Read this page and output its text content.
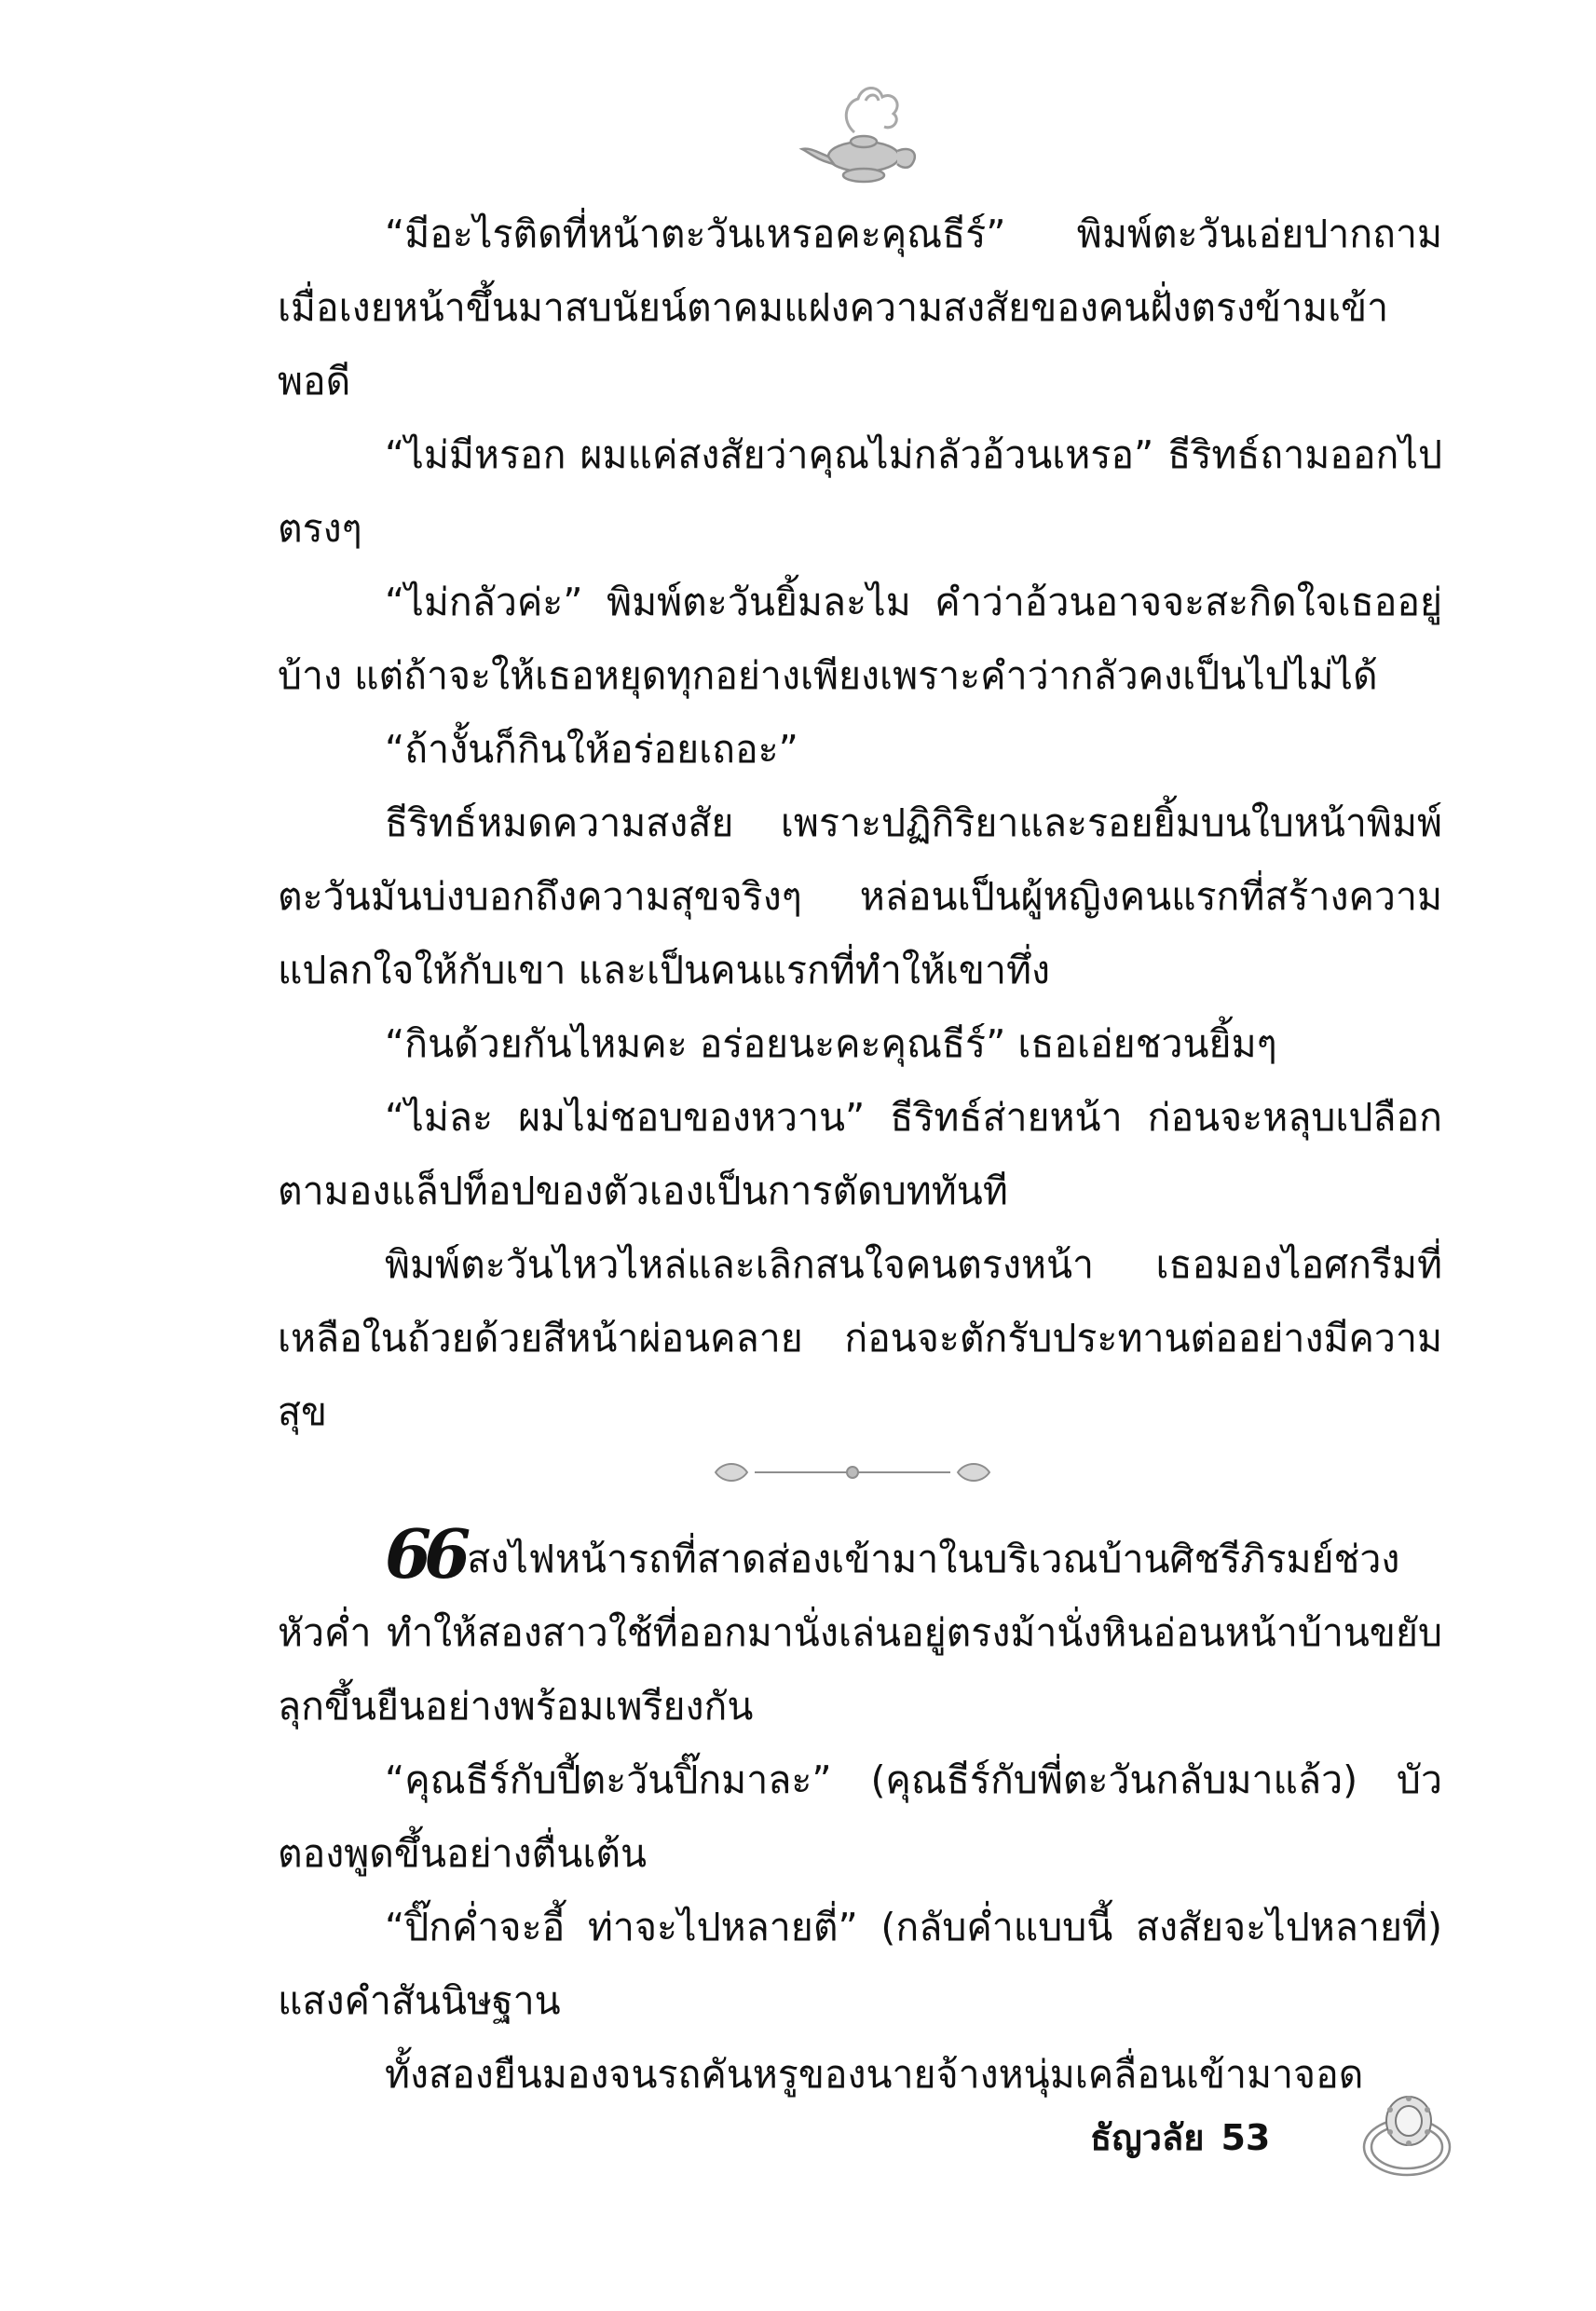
“มีอะไรติดที่หน้าตะวันเหรอคะคุณธีร์” พิมพ์ตะวันเอ่ยปากถาม เมื่อเงยหน้าขึ้นมาสบนัยน์ตาคมแฝงความสงสัยของคนฝั่งตรงข้ามเข้าพอดี

“ไม่มีหรอก ผมแค่สงสัยว่าคุณไม่กลัวอ้วนเหรอ” ธีริทธ์ถามออกไปตรงๆ

“ไม่กลัวค่ะ” พิมพ์ตะวันยิ้มละไม คำว่าอ้วนอาจจะสะกิดใจเธออยู่บ้าง แต่ถ้าจะให้เธอหยุดทุกอย่างเพียงเพราะคำว่ากลัวคงเป็นไปไม่ได้

“ถ้างั้นก็กินให้อร่อยเถอะ”

ธีริทธ์หมดความสงสัย เพราะปฏิกิริยาและรอยยิ้มบนใบหน้าพิมพ์ตะวันมันบ่งบอกถึงความสุขจริงๆ หล่อนเป็นผู้หญิงคนแรกที่สร้างความแปลกใจให้กับเขา และเป็นคนแรกที่ทำให้เขาทึ่ง

“กินด้วยกันไหมคะ อร่อยนะคะคุณธีร์” เธอเอ่ยชวนยิ้มๆ

“ไม่ละ ผมไม่ชอบของหวาน” ธีริทธ์ส่ายหน้า ก่อนจะหลุบเปลือกตามองแล็ปท็อปของตัวเองเป็นการตัดบททันที

พิมพ์ตะวันไหวไหล่และเลิกสนใจคนตรงหน้า เธอมองไอศกรีมที่เหลือในถ้วยด้วยสีหน้าผ่อนคลาย ก่อนจะตักรับประทานต่ออย่างมีความสุข

66สงไฟหน้ารถที่สาดส่องเข้ามาในบริเวณบ้านศิชรีภิรมย์ช่วงหัวค่ำ ทำให้สองสาวใช้ที่ออกมานั่งเล่นอยู่ตรงม้านั่งหินอ่อนหน้าบ้านขยับลุกขึ้นยืนอย่างพร้อมเพรียงกัน

“คุณธีร์กับปี้ตะวันปิ๊กมาละ” (คุณธีร์กับพี่ตะวันกลับมาแล้ว) บัวตองพูดขึ้นอย่างตื่นเต้น

“ปิ๊กค่ำจะอี้ ท่าจะไปหลายตี่” (กลับค่ำแบบนี้ สงสัยจะไปหลายที่) แสงคำสันนิษฐาน

ทั้งสองยืนมองจนรถคันหรูของนายจ้างหนุ่มเคลื่อนเข้ามาจอด

ธัญวลัย 53
